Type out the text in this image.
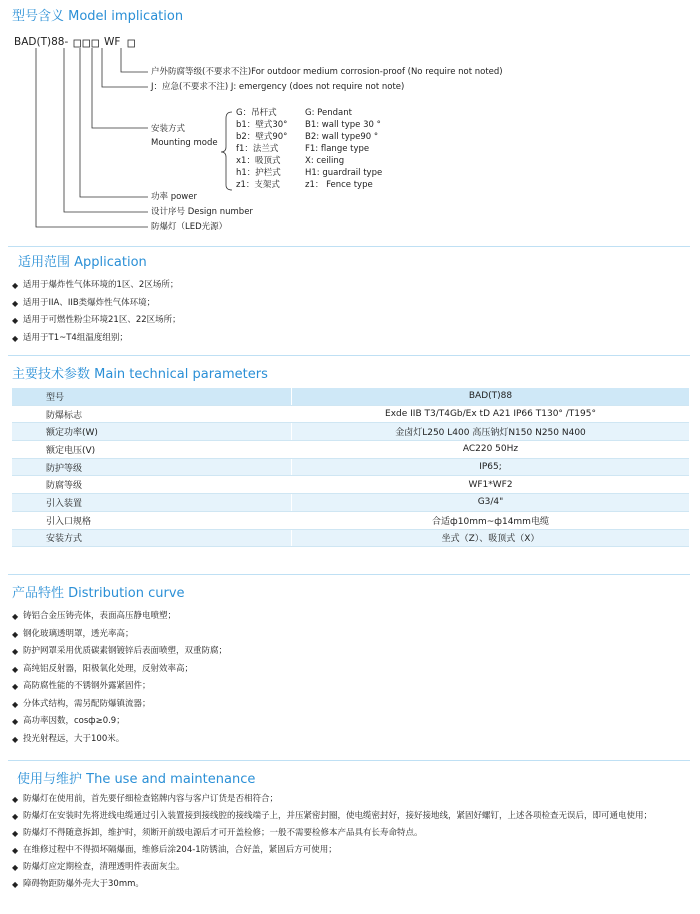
型号含义 Model implication
BAD(T)88-	WF
户外防腐等级(不要求不注)For outdoor medium corrosion-proof (No require not noted)
J：应急(不要求不注) J: emergency (does not require not note)
安装方式
Mounting mode
G：吊杆式	G: Pendant
b1：壁式30° B1: wall type 30 °
b2：壁式90° B2: wall type90 °
f1：法兰式	F1: flange type
x1：吸顶式	X: ceiling
h1：护栏式	H1: guardrail type
z1：支架式	z1： Fence type
功率 power
设计序号 Design number
防爆灯（LED光源）
适用范围 Application
◆ 适用于爆炸性气体环境的1区、2区场所；
◆ 适用于IIA、IIB类爆炸性气体环境；
◆ 适用于可燃性粉尘环境21区、22区场所；
◆ 适用于T1~T4组温度组别；
主要技术参数 Main technical parameters
型号	BAD(T)88
防爆标志	Exde IIB T3/T4Gb/Ex tD A21 IP66 T130° /T195°
额定功率(W)	金卤灯L250 L400 高压钠灯N150 N250 N400
额定电压(V)	AC220 50Hz
防护等级	IP65;
防腐等级	WF1*WF2
引入装置	G3/4"
引入口规格	合适ф10mm~ф14mm电缆
安装方式	坐式（Z）、吸顶式（X）
产品特性 Distribution curve
◆ 铸铝合金压铸壳体，表面高压静电喷塑；
◆ 钢化玻璃透明罩，透光率高；
◆ 防护网罩采用优质碳素钢镀锌后表面喷塑，双重防腐；
◆ 高纯铝反射器，阳极氧化处理，反射效率高；
◆ 高防腐性能的不锈钢外露紧固件；
◆ 分体式结构，需另配防爆镇流器；
◆ 高功率因数，cosф≥0.9；
◆ 投光射程远，大于100米。
使用与维护 The use and maintenance
◆ 防爆灯在使用前，首先要仔细检查铭牌内容与客户订货是否相符合；
◆ 防爆灯在安装时先将进线电缆通过引入装置接到接线腔的接线端子上，并压紧密封圈，使电缆密封好，接好接地线，紧固好螺钉，上述各项检查无误后，即可通电使用；
◆ 防爆灯不得随意拆卸，维护时，须断开前级电源后才可开盖检修；一般不需要检修本产品具有长寿命特点。
◆ 在维修过程中不得损坏隔爆面，维修后涂204-1防锈油，合好盖，紧固后方可使用；
◆ 防爆灯应定期检查，清理透明件表面灰尘。
◆ 障碍物距防爆外壳大于30mm。
